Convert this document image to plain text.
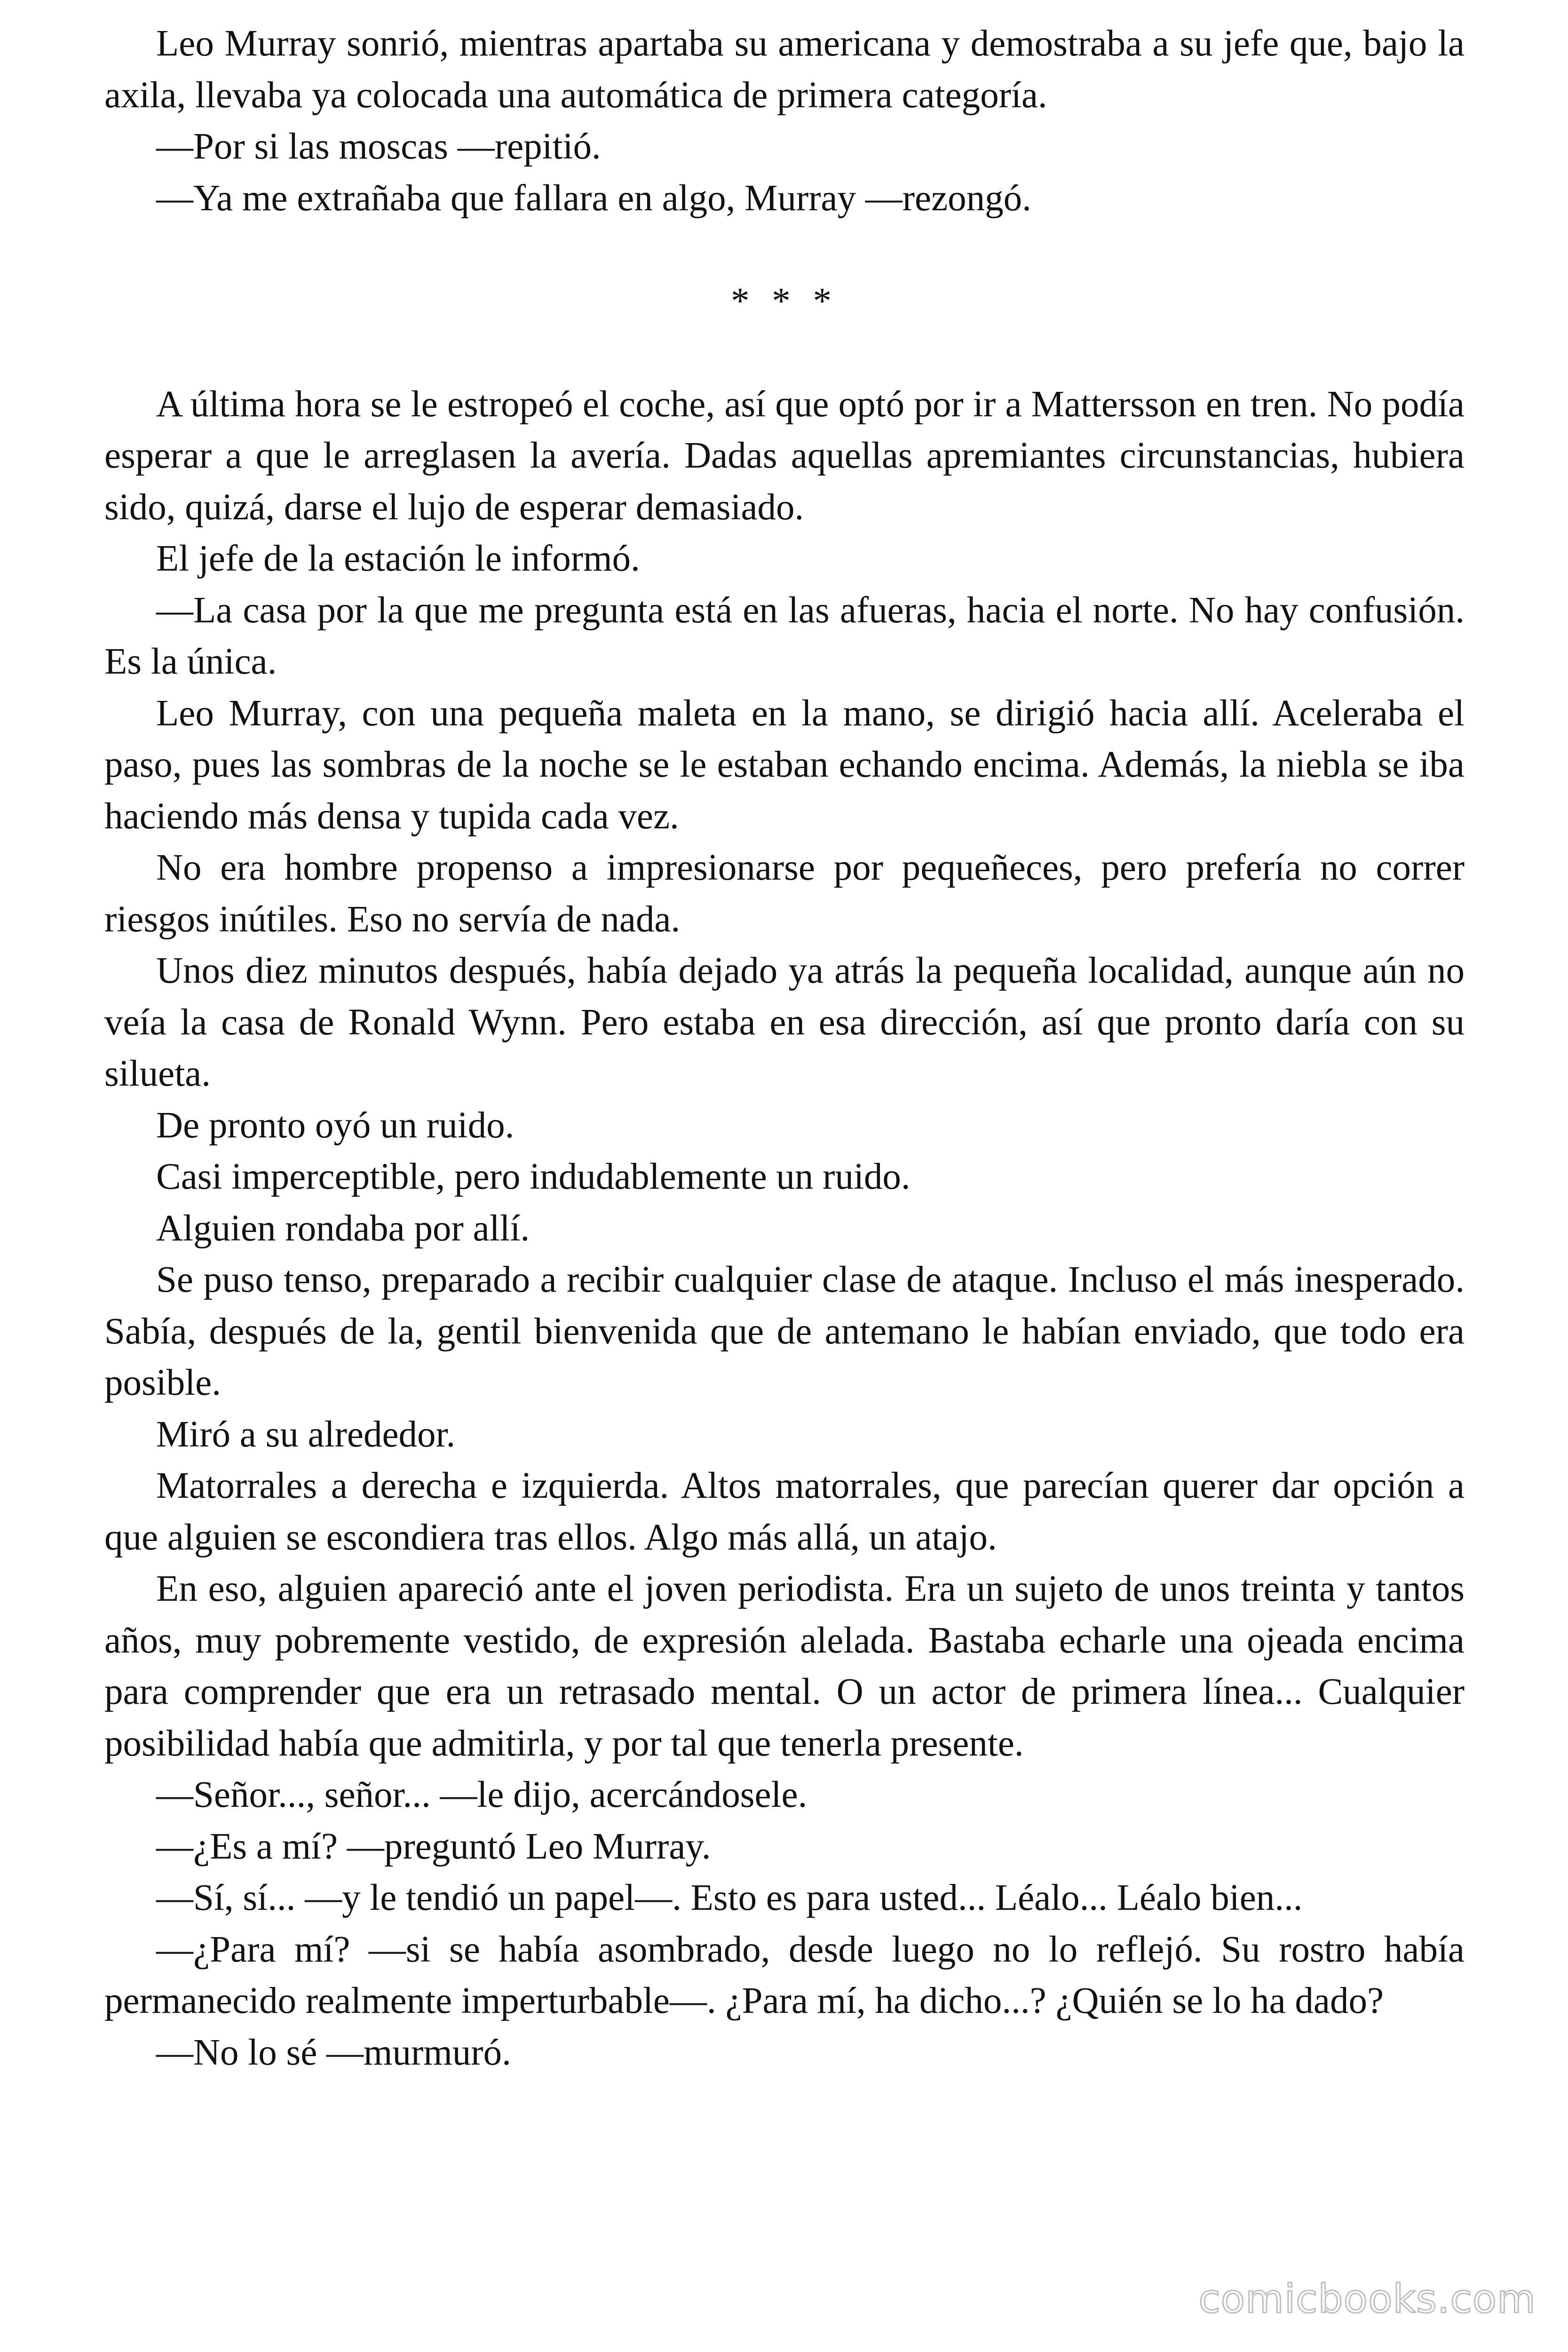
Leo Murray sonrió, mientras apartaba su americana y demostraba a su jefe que, bajo la axila, llevaba ya colocada una automática de primera categoría.

—Por si las moscas —repitió.

—Ya me extrañaba que fallara en algo, Murray —rezongó.

* * *

A última hora se le estropeó el coche, así que optó por ir a Mattersson en tren. No podía esperar a que le arreglasen la avería. Dadas aquellas apremiantes circunstancias, hubiera sido, quizá, darse el lujo de esperar demasiado.

El jefe de la estación le informó.

—La casa por la que me pregunta está en las afueras, hacia el norte. No hay confusión. Es la única.

Leo Murray, con una pequeña maleta en la mano, se dirigió hacia allí. Aceleraba el paso, pues las sombras de la noche se le estaban echando encima. Además, la niebla se iba haciendo más densa y tupida cada vez.

No era hombre propenso a impresionarse por pequeñeces, pero prefería no correr riesgos inútiles. Eso no servía de nada.

Unos diez minutos después, había dejado ya atrás la pequeña localidad, aunque aún no veía la casa de Ronald Wynn. Pero estaba en esa dirección, así que pronto daría con su silueta.

De pronto oyó un ruido.

Casi imperceptible, pero indudablemente un ruido.

Alguien rondaba por allí.

Se puso tenso, preparado a recibir cualquier clase de ataque. Incluso el más inesperado. Sabía, después de la, gentil bienvenida que de antemano le habían enviado, que todo era posible.

Miró a su alrededor.

Matorrales a derecha e izquierda. Altos matorrales, que parecían querer dar opción a que alguien se escondiera tras ellos. Algo más allá, un atajo.

En eso, alguien apareció ante el joven periodista. Era un sujeto de unos treinta y tantos años, muy pobremente vestido, de expresión alelada. Bastaba echarle una ojeada encima para comprender que era un retrasado mental. O un actor de primera línea... Cualquier posibilidad había que admitirla, y por tal que tenerla presente.

—Señor..., señor... —le dijo, acercándosele.

—¿Es a mí? —preguntó Leo Murray.

—Sí, sí... —y le tendió un papel—. Esto es para usted... Léalo... Léalo bien...

—¿Para mí? —si se había asombrado, desde luego no lo reflejó. Su rostro había permanecido realmente imperturbable—. ¿Para mí, ha dicho...? ¿Quién se lo ha dado?

—No lo sé —murmuró.

comicbooks.com
